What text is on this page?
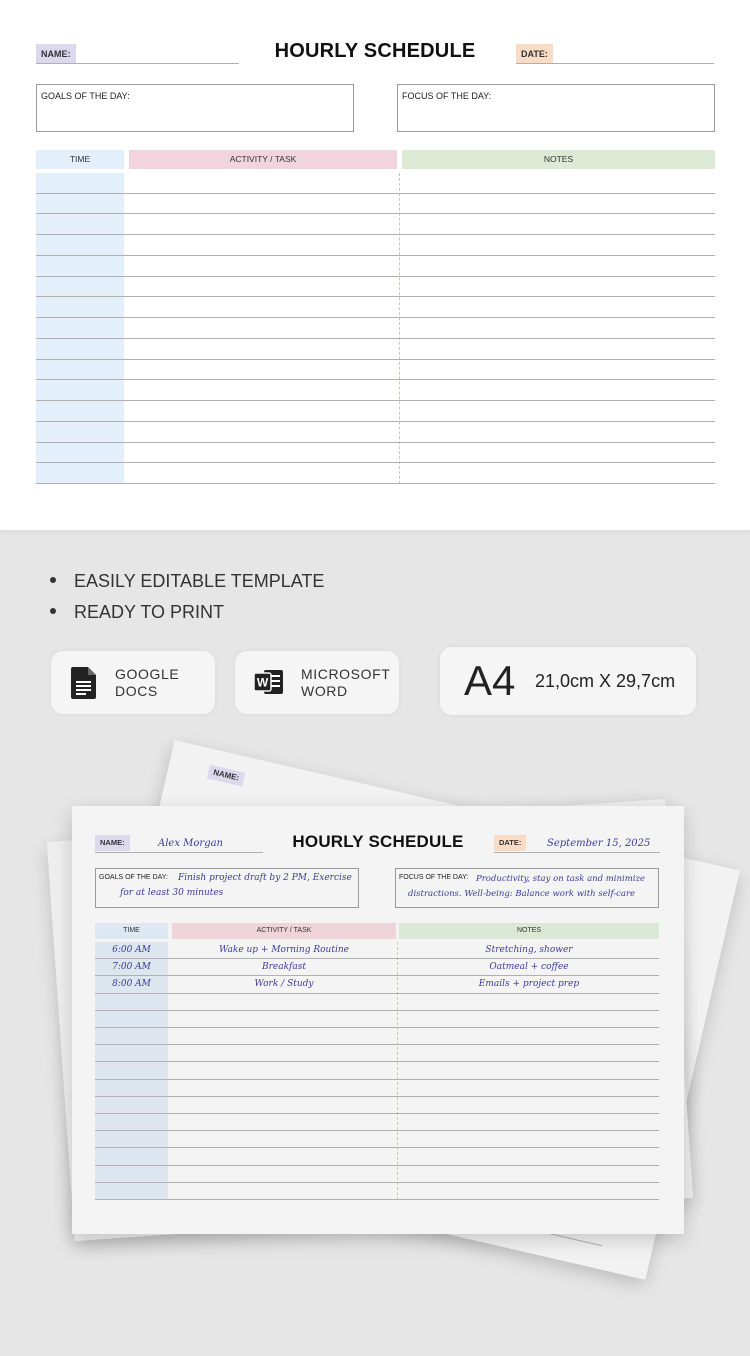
NAME:	HOURLY SCHEDULE	DATE:
GOALS OF THE DAY:	FOCUS OF THE DAY:
TIME	ACTIVITY / TASK	NOTES
EASILY EDITABLE TEMPLATE
READY TO PRINT
GOOGLE
DOCS
W
MICROSOFT
WORD	A4 21,0cm X 29,7cm
NAME:
NAME:	Alex Morgan	HOURLY SCHEDULE	DATE:	September 15, 2025
GOALS OF THE DAY: Finish project draft by 2 PM, Exercise
for at least 30 minutes
FOCUS OF THE DAY: Productivity, stay on task and minimize
distractions. Well-being: Balance work with self-care
TIME	ACTIVITY / TASK	NOTES
6:00 AM	Wake up + Morning Routine	Stretching, shower
7:00 AM	Breakfast	Oatmeal + coffee
8:00 AM	Work / Study	Emails + project prep
